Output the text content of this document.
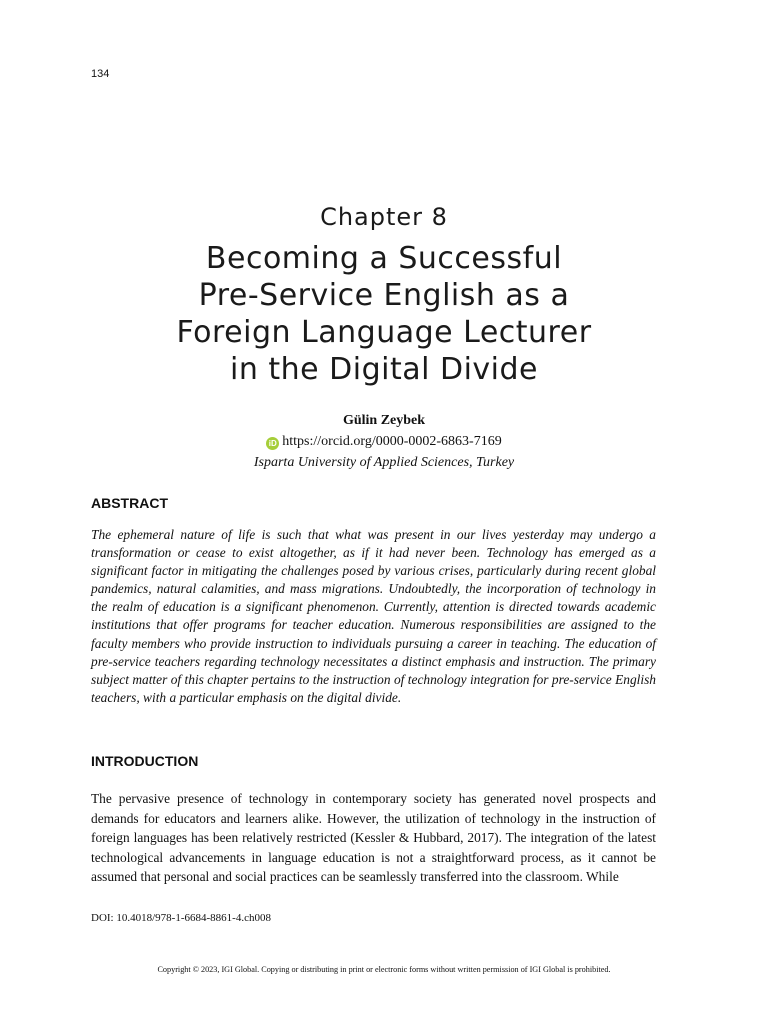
134
Chapter 8
Becoming a Successful
Pre-Service English as a
Foreign Language Lecturer
in the Digital Divide
Gülin Zeybek
iD https://orcid.org/0000-0002-6863-7169
Isparta University of Applied Sciences, Turkey
ABSTRACT

The ephemeral nature of life is such that what was present in our lives yesterday may undergo a transformation or cease to exist altogether, as if it had never been. Technology has emerged as a significant factor in mitigating the challenges posed by various crises, particularly during recent global pandemics, natural calamities, and mass migrations. Undoubtedly, the incorporation of technology in the realm of education is a significant phenomenon. Currently, attention is directed towards academic institutions that offer programs for teacher education. Numerous responsibilities are assigned to the faculty members who provide instruction to individuals pursuing a career in teaching. The education of pre-service teachers regarding technology necessitates a distinct emphasis and instruction. The primary subject matter of this chapter pertains to the instruction of technology integration for pre-service English teachers, with a particular emphasis on the digital divide.

INTRODUCTION

The pervasive presence of technology in contemporary society has generated novel prospects and demands for educators and learners alike. However, the utilization of technology in the instruction of foreign languages has been relatively restricted (Kessler & Hubbard, 2017). The integration of the latest technological advancements in language education is not a straightforward process, as it cannot be assumed that personal and social practices can be seamlessly transferred into the classroom. While

DOI: 10.4018/978-1-6684-8861-4.ch008
Copyright © 2023, IGI Global. Copying or distributing in print or electronic forms without written permission of IGI Global is prohibited.
